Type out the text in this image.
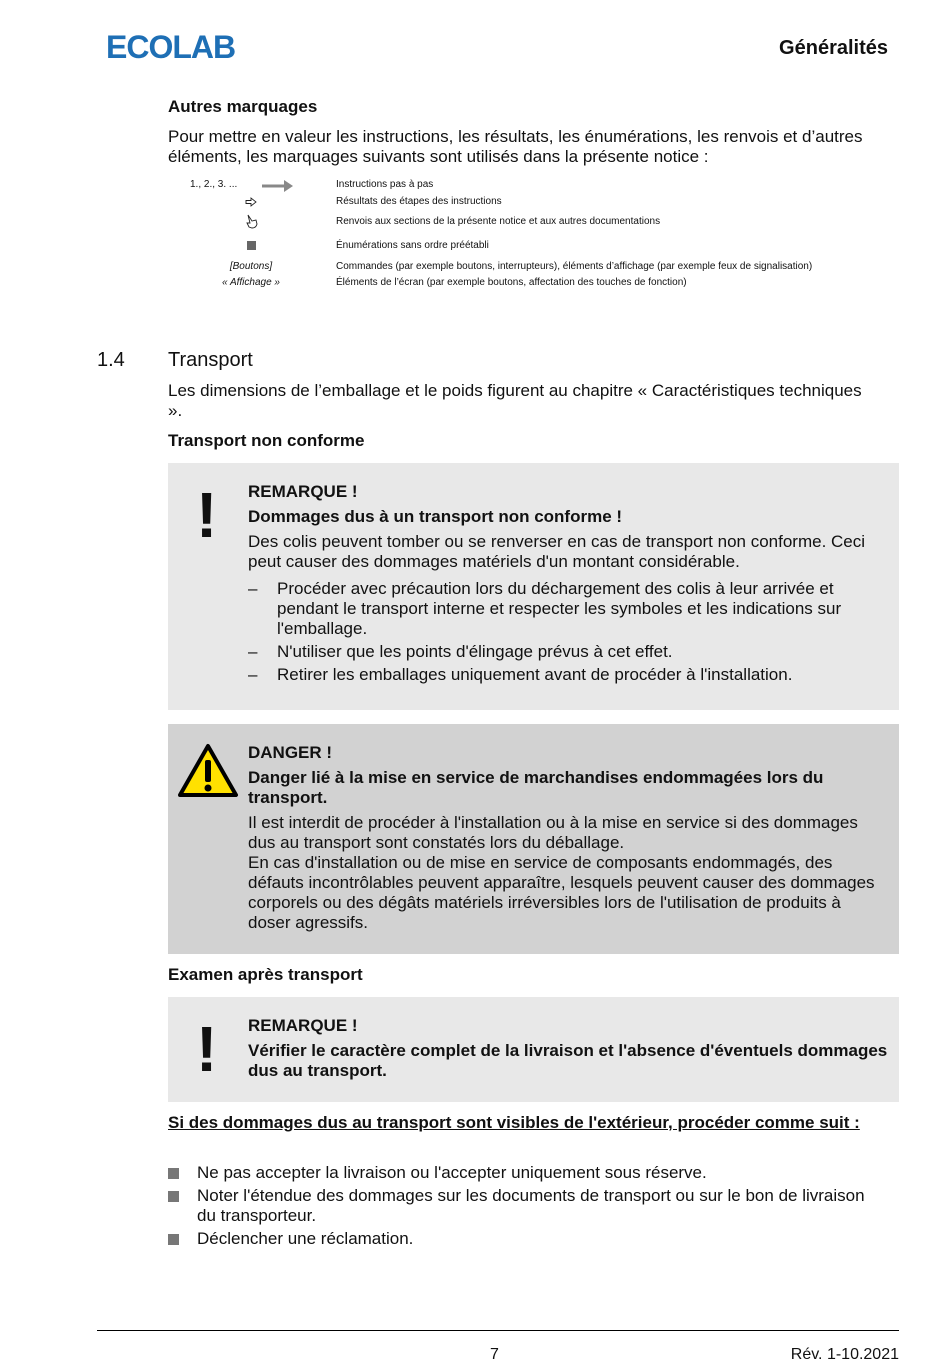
ECOLAB	Généralités
Autres marquages
Pour mettre en valeur les instructions, les résultats, les énumérations, les renvois et d’autres éléments, les marquages suivants sont utilisés dans la présente notice :
1., 2., 3. ...	Instructions pas à pas
Résultats des étapes des instructions
Renvois aux sections de la présente notice et aux autres documentations
Énumérations sans ordre préétabli
[Boutons]	Commandes (par exemple boutons, interrupteurs), éléments d’affichage (par exemple feux de signalisation)
« Affichage »	Éléments de l’écran (par exemple boutons, affectation des touches de fonction)
1.4 Transport
Les dimensions de l’emballage et le poids figurent au chapitre « Caractéristiques techniques ».
Transport non conforme
! REMARQUE !
Dommages dus à un transport non conforme !
Des colis peuvent tomber ou se renverser en cas de transport non conforme. Ceci peut causer des dommages matériels d'un montant considérable.
– Procéder avec précaution lors du déchargement des colis à leur arrivée et pendant le transport interne et respecter les symboles et les indications sur l'emballage.
– N'utiliser que les points d'élingage prévus à cet effet.
– Retirer les emballages uniquement avant de procéder à l'installation.
DANGER !
Danger lié à la mise en service de marchandises endommagées lors du transport.
Il est interdit de procéder à l'installation ou à la mise en service si des dommages dus au transport sont constatés lors du déballage.
En cas d'installation ou de mise en service de composants endommagés, des défauts incontrôlables peuvent apparaître, lesquels peuvent causer des dommages corporels ou des dégâts matériels irréversibles lors de l'utilisation de produits à doser agressifs.
Examen après transport
! REMARQUE !
Vérifier le caractère complet de la livraison et l'absence d'éventuels dommages dus au transport.
Si des dommages dus au transport sont visibles de l'extérieur, procéder comme suit :
Ne pas accepter la livraison ou l'accepter uniquement sous réserve.
Noter l'étendue des dommages sur les documents de transport ou sur le bon de livraison du transporteur.
Déclencher une réclamation.
7	Rév. 1-10.2021
